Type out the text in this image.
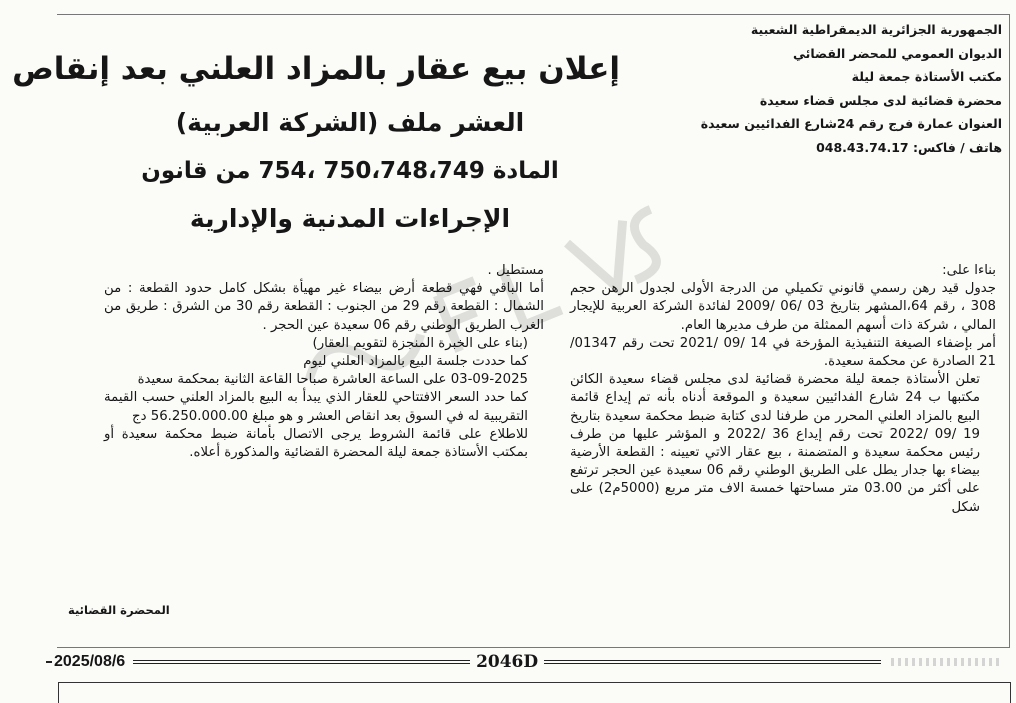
الجمهورية الجزائرية الديمقراطية الشعبية
الديوان العمومي للمحضر القضائي
مكتب الأستاذة جمعة ليلة
محضرة قضائية لدى مجلس قضاء سعيدة
العنوان عمارة فرج رقم 24شارع الفدائيين سعيدة
هاتف / فاكس: 048.43.74.17
إعلان بيع عقار بالمزاد العلني بعد إنقاص
العشر ملف (الشركة العربية)
المادة 750،748،749 ،754 من قانون
الإجراءات المدنية والإدارية

بناءا على:

جدول قيد رهن رسمي قانوني تكميلي من الدرجة الأولى لجدول الرهن حجم 308 ، رقم 64،المشهر بتاريخ 03 /06 /2009 لفائدة الشركة العربية للإيجار المالي ، شركة ذات أسهم الممثلة من طرف مديرها العام.

أمر بإضفاء الصيغة التنفيذية المؤرخة في 14 /09 /2021 تحت رقم 01347/ 21 الصادرة عن محكمة سعيدة.

تعلن الأستاذة جمعة ليلة محضرة قضائية لدى مجلس قضاء سعيدة الكائن مكتبها ب 24 شارع الفدائيين سعيدة و الموقعة أدناه بأنه تم إيداع قائمة البيع بالمزاد العلني المحرر من طرفنا لدى كتابة ضبط محكمة سعيدة بتاريخ 19 /09 /2022 تحت رقم إيداع 36 /2022 و المؤشر عليها من طرف رئيس محكمة سعيدة و المتضمنة ، بيع عقار الاتي تعيينه : القطعة الأرضية بيضاء بها جدار يطل على الطريق الوطني رقم 06 سعيدة عين الحجر ترتفع على أكثر من 03.00 متر مساحتها خمسة الاف متر مربع (5000م2) على شكل

مستطيل .

أما الباقي فهي قطعة أرض بيضاء غير مهيأة بشكل كامل حدود القطعة : من الشمال : القطعة رقم 29 من الجنوب : القطعة رقم 30 من الشرق : طريق من الغرب الطريق الوطني رقم 06 سعيدة عين الحجر .

(بناء على الخبرة المنجزة لتقويم العقار)

كما حددت جلسة البيع بالمزاد العلني ليوم

03-09-2025 على الساعة العاشرة صباحا القاعة الثانية بمحكمة سعيدة

كما حدد السعر الافتتاحي للعقار الذي يبدأ به البيع بالمزاد العلني حسب القيمة التقريبية له في السوق بعد انقاص العشر و هو مبلغ 56.250.000.00 دج

للاطلاع على قائمة الشروط يرجى الاتصال بأمانة ضبط محكمة سعيدة أو بمكتب الأستاذة جمعة ليلة المحضرة القضائية والمذكورة أعلاه.

المحضرة القضائية
2025/08/6	2046D
